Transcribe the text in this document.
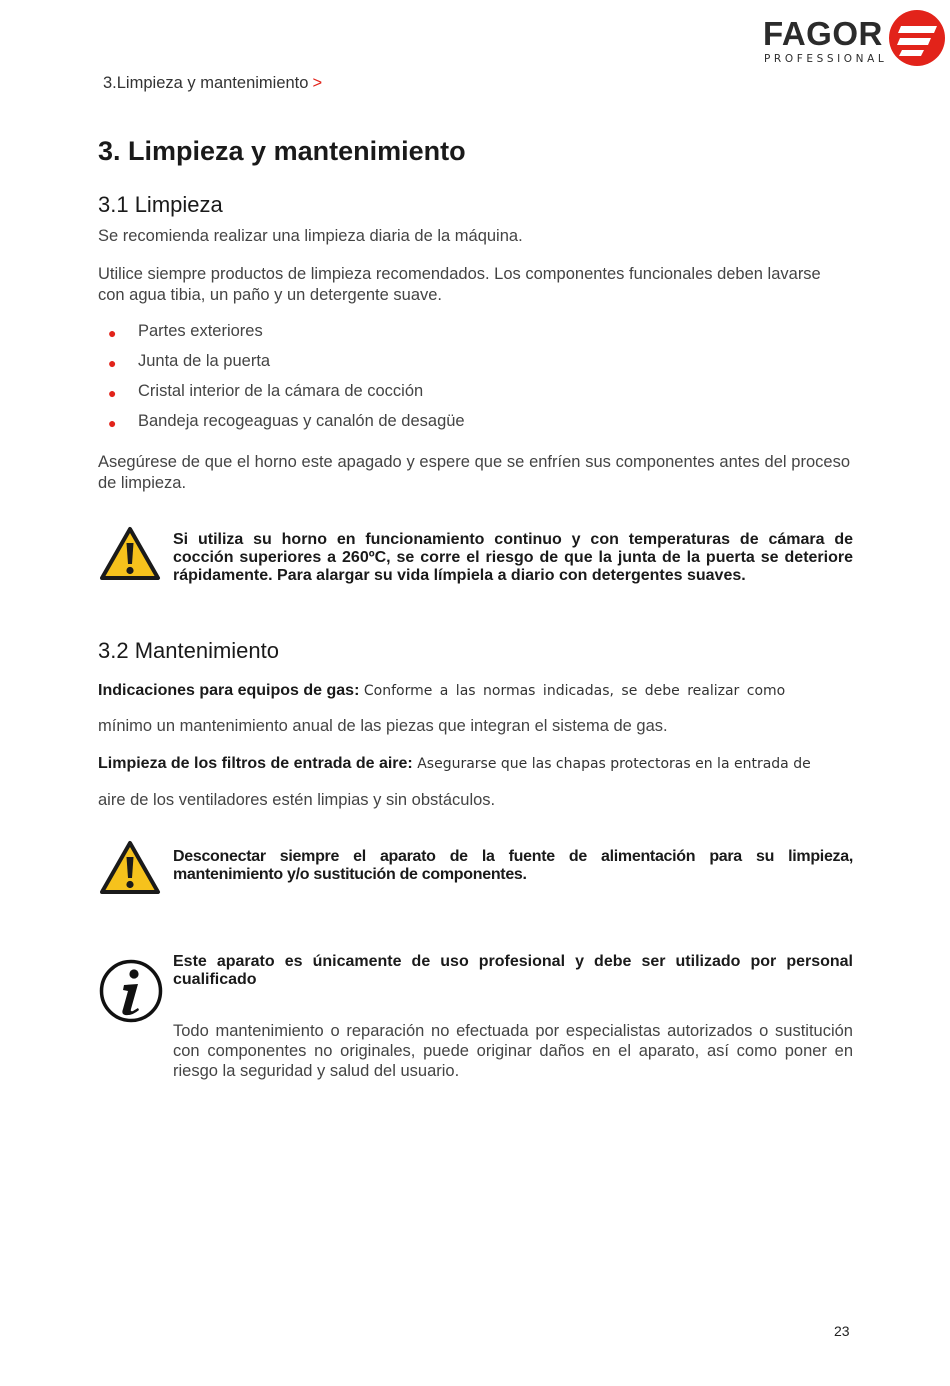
FAGOR
PROFESSIONAL
3.Limpieza y mantenimiento >
3. Limpieza y mantenimiento
3.1 Limpieza

Se recomienda realizar una limpieza diaria de la máquina.

Utilice siempre productos de limpieza recomendados. Los componentes funcionales deben lavarse con agua tibia, un paño y un detergente suave.

●	Partes exteriores
●	Junta de la puerta
●	Cristal interior de la cámara de cocción
●	Bandeja recogeaguas y canalón de desagüe

Asegúrese de que el horno este apagado y espere que se enfríen sus componentes antes del proceso de limpieza.

Si utiliza su horno en funcionamiento continuo y con temperaturas de cámara de cocción superiores a 260ºC, se corre el riesgo de que la junta de la puerta se deteriore rápidamente. Para alargar su vida límpiela a diario con detergentes suaves.

3.2 Mantenimiento

Indicaciones para equipos de gas: Conforme a las normas indicadas, se debe realizar como

mínimo un mantenimiento anual de las piezas que integran el sistema de gas.

Limpieza de los filtros de entrada de aire: Asegurarse que las chapas protectoras en la entrada de

aire de los ventiladores estén limpias y sin obstáculos.

Desconectar siempre el aparato de la fuente de alimentación para su limpieza, mantenimiento y/o sustitución de componentes.

Este aparato es únicamente de uso profesional y debe ser utilizado por personal cualificado

Todo mantenimiento o reparación no efectuada por especialistas autorizados o sustitución con componentes no originales, puede originar daños en el aparato, así como poner en riesgo la seguridad y salud del usuario.

23
